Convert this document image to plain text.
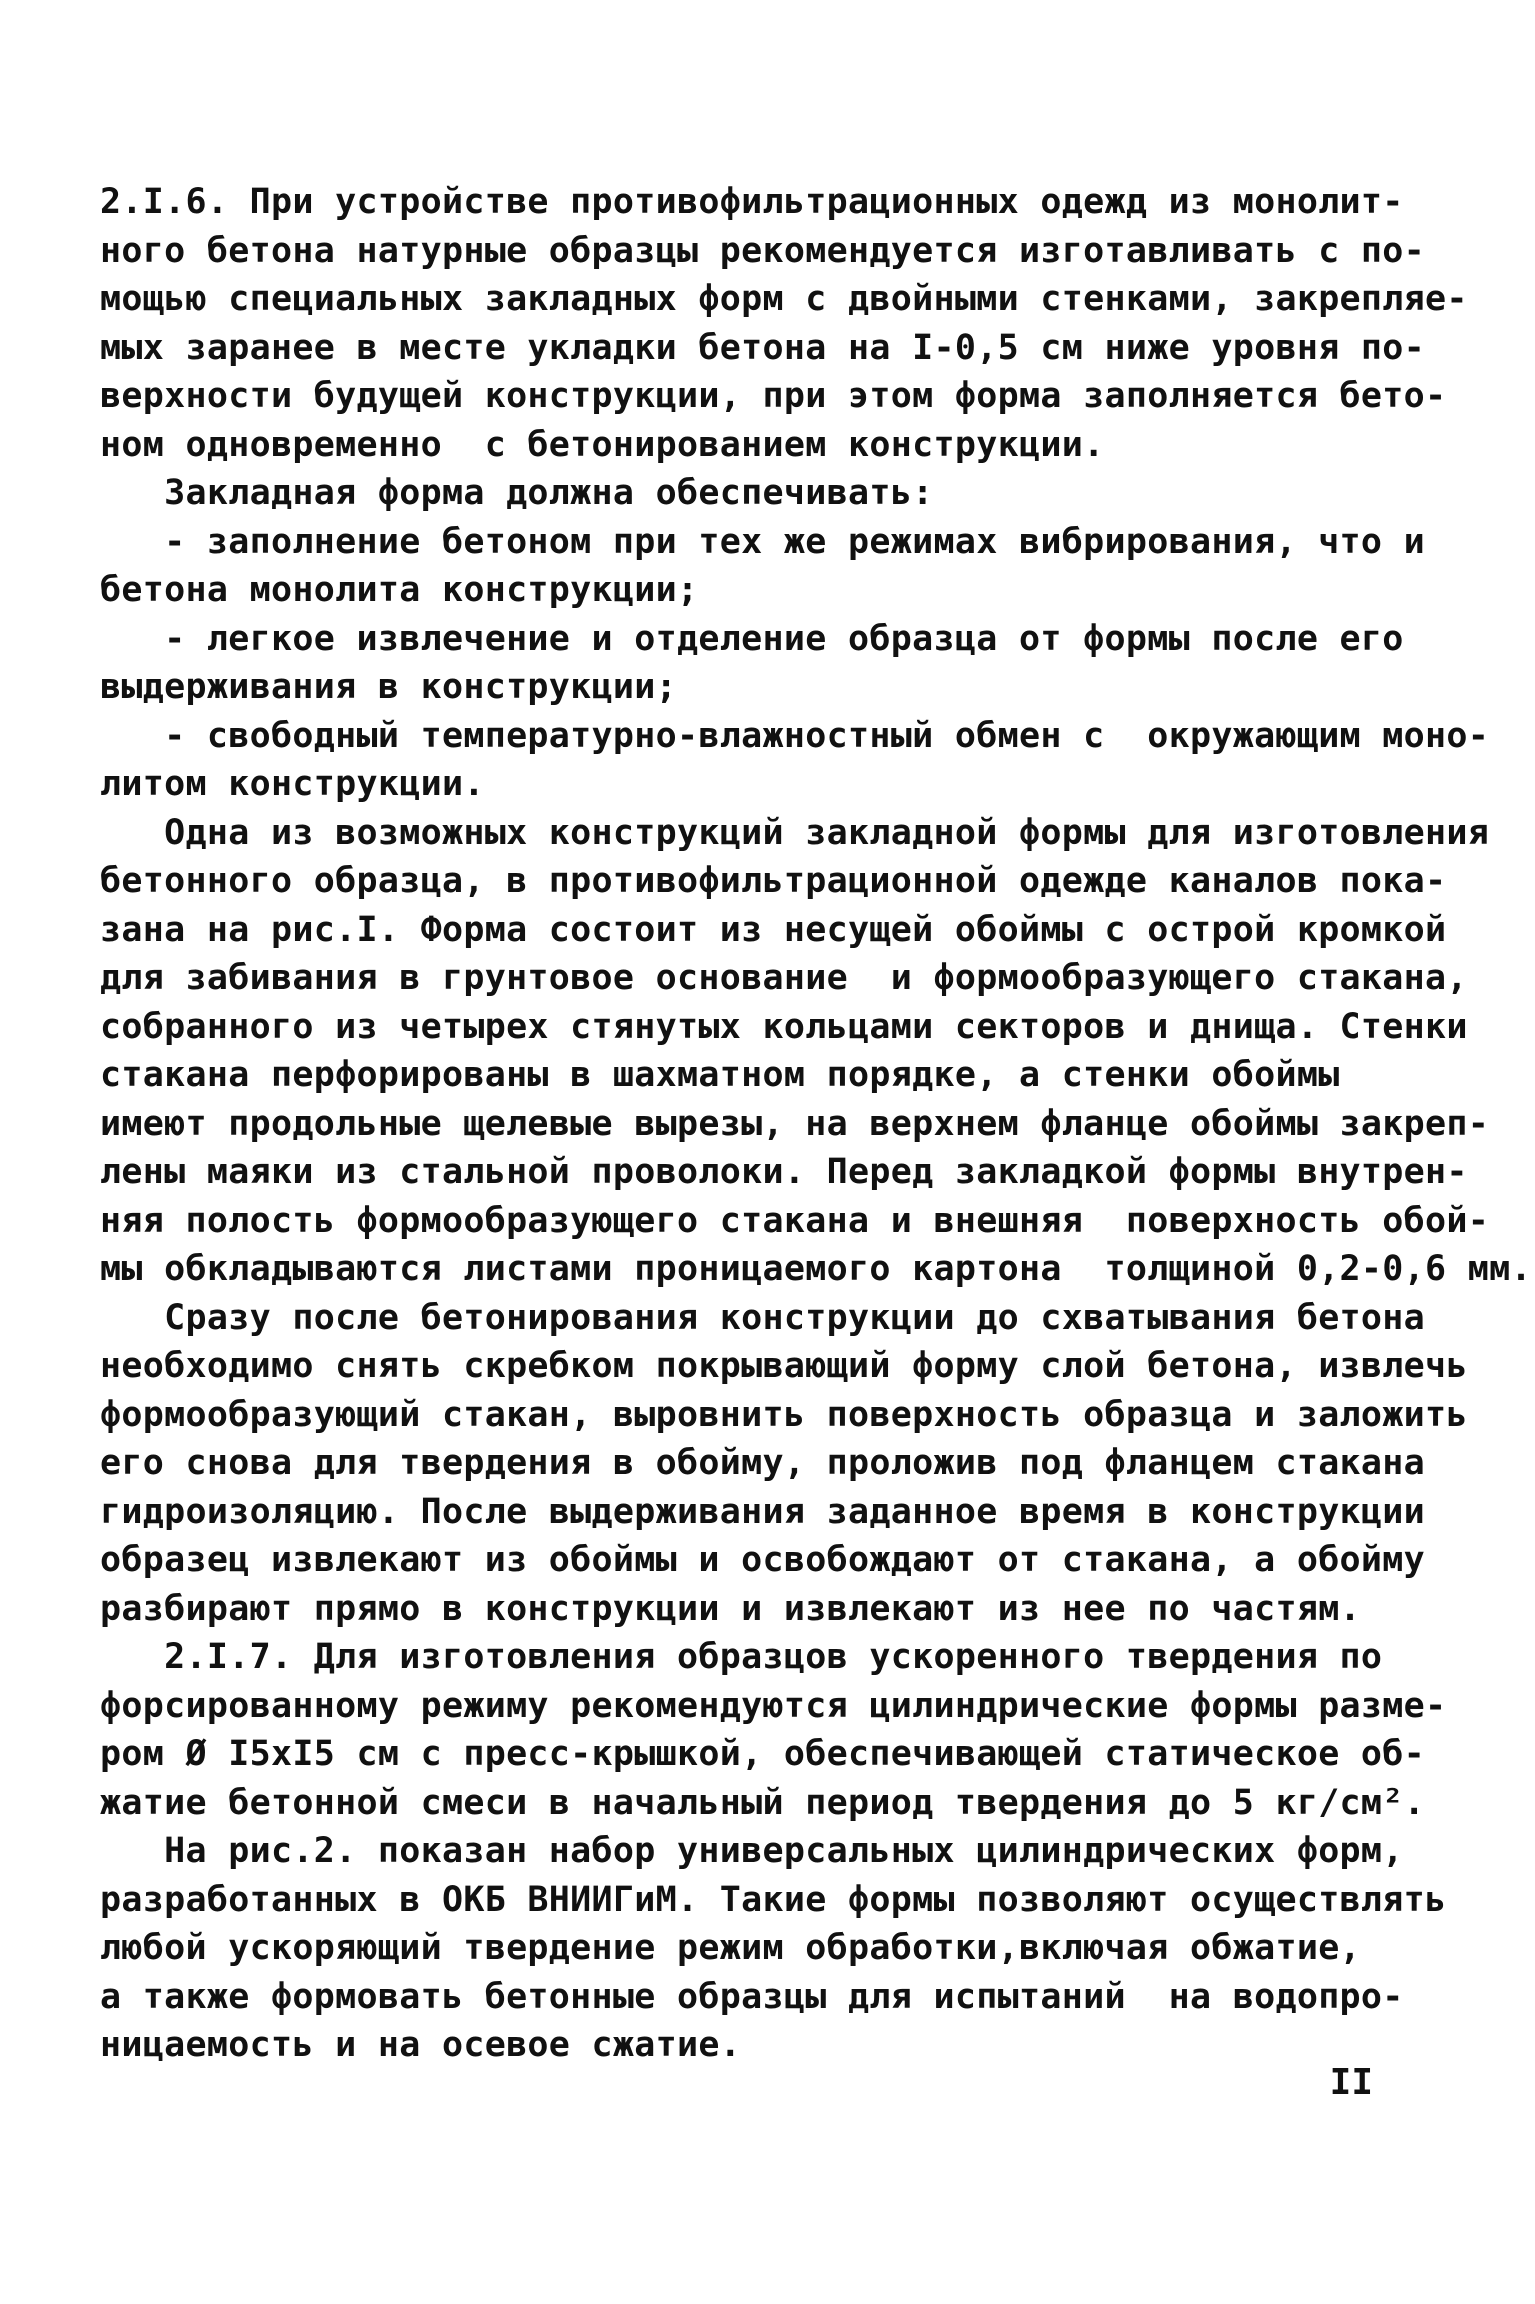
2.I.6. При устройстве противофильтрационных одежд из монолит-
ного бетона натурные образцы рекомендуется изготавливать с по-
мощью специальных закладных форм с двойными стенками, закрепляе-
мых заранее в месте укладки бетона на I-0,5 см ниже уровня по-
верхности будущей конструкции, при этом форма заполняется бето-
ном одновременно  с бетонированием конструкции.
Закладная форма должна обеспечивать:
- заполнение бетоном при тех же режимах вибрирования, что и
бетона монолита конструкции;
- легкое извлечение и отделение образца от формы после его
выдерживания в конструкции;
- свободный температурно-влажностный обмен с  окружающим моно-
литом конструкции.
Одна из возможных конструкций закладной формы для изготовления
бетонного образца, в противофильтрационной одежде каналов пока-
зана на рис.I. Форма состоит из несущей обоймы с острой кромкой
для забивания в грунтовое основание  и формообразующего стакана,
собранного из четырех стянутых кольцами секторов и днища. Стенки
стакана перфорированы в шахматном порядке, а стенки обоймы
имеют продольные щелевые вырезы, на верхнем фланце обоймы закреп-
лены маяки из стальной проволоки. Перед закладкой формы внутрен-
няя полость формообразующего стакана и внешняя  поверхность обой-
мы обкладываются листами проницаемого картона  толщиной 0,2-0,6 мм.
Сразу после бетонирования конструкции до схватывания бетона
необходимо снять скребком покрывающий форму слой бетона, извлечь
формообразующий стакан, выровнить поверхность образца и заложить
его снова для твердения в обойму, проложив под фланцем стакана
гидроизоляцию. После выдерживания заданное время в конструкции
образец извлекают из обоймы и освобождают от стакана, а обойму
разбирают прямо в конструкции и извлекают из нее по частям.
2.I.7. Для изготовления образцов ускоренного твердения по
форсированному режиму рекомендуются цилиндрические формы разме-
ром Ø I5xI5 см с пресс-крышкой, обеспечивающей статическое об-
жатие бетонной смеси в начальный период твердения до 5 кг/см².
На рис.2. показан набор универсальных цилиндрических форм,
разработанных в ОКБ ВНИИГиМ. Такие формы позволяют осуществлять
любой ускоряющий твердение режим обработки,включая обжатие,
а также формовать бетонные образцы для испытаний  на водопро-
ницаемость и на осевое сжатие.
II
